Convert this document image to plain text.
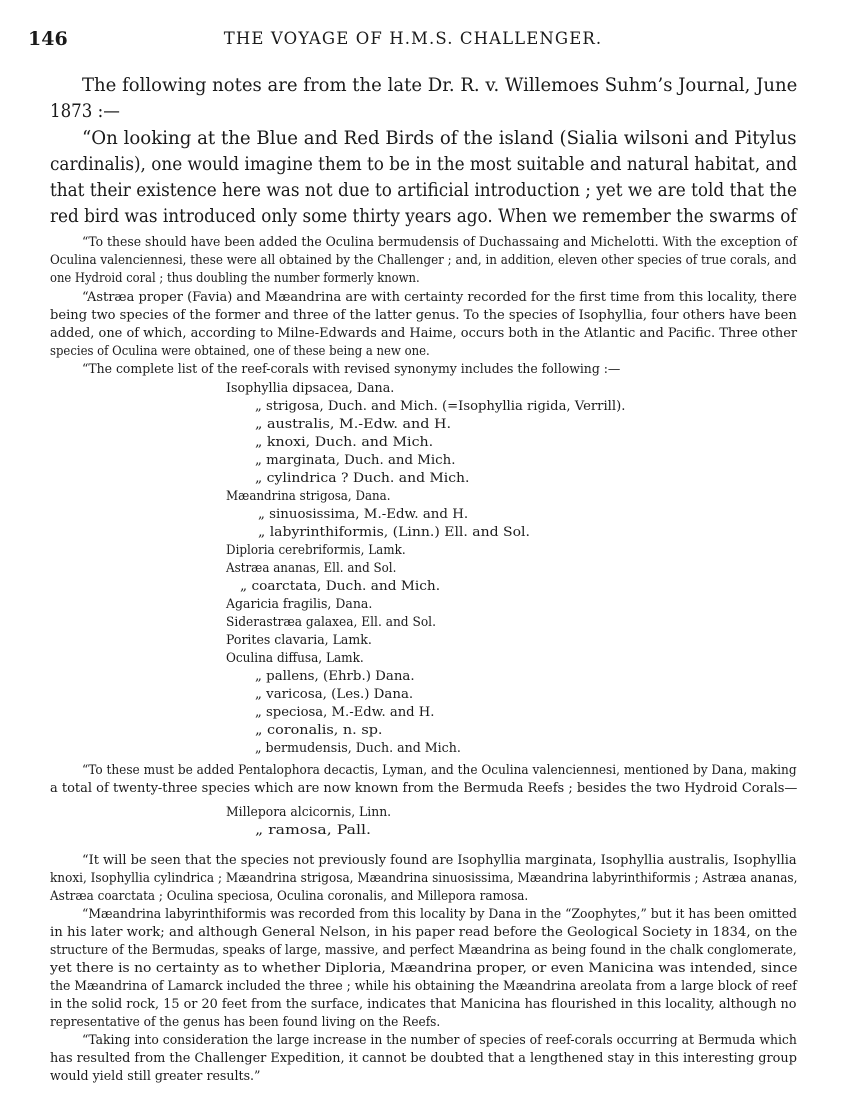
146	THE VOYAGE OF H.M.S. CHALLENGER.
The following notes are from the late Dr. R. v. Willemoes Suhm’s Journal, June
1873 :—
“On looking at the Blue and Red Birds of the island (Sialia wilsoni and Pitylus
cardinalis), one would imagine them to be in the most suitable and natural habitat, and
that their existence here was not due to artificial introduction ; yet we are told that the
red bird was introduced only some thirty years ago. When we remember the swarms of
“To these should have been added the Oculina bermudensis of Duchassaing and Michelotti. With the exception of
Oculina valenciennesi, these were all obtained by the Challenger ; and, in addition, eleven other species of true corals, and
one Hydroid coral ; thus doubling the number formerly known.
“Astræa proper (Favia) and Mæandrina are with certainty recorded for the first time from this locality, there
being two species of the former and three of the latter genus. To the species of Isophyllia, four others have been
added, one of which, according to Milne-Edwards and Haime, occurs both in the Atlantic and Pacific. Three other
species of Oculina were obtained, one of these being a new one.
“The complete list of the reef-corals with revised synonymy includes the following :—
Isophyllia dipsacea, Dana.
„ strigosa, Duch. and Mich. (=Isophyllia rigida, Verrill).
„ australis, M.-Edw. and H.
„ knoxi, Duch. and Mich.
„ marginata, Duch. and Mich.
„ cylindrica ? Duch. and Mich.
Mæandrina strigosa, Dana.
„ sinuosissima, M.-Edw. and H.
„ labyrinthiformis, (Linn.) Ell. and Sol.
Diploria cerebriformis, Lamk.
Astræa ananas, Ell. and Sol.
„ coarctata, Duch. and Mich.
Agaricia fragilis, Dana.
Siderastræa galaxea, Ell. and Sol.
Porites clavaria, Lamk.
Oculina diffusa, Lamk.
„ pallens, (Ehrb.) Dana.
„ varicosa, (Les.) Dana.
„ speciosa, M.-Edw. and H.
„ coronalis, n. sp.
„ bermudensis, Duch. and Mich.
“To these must be added Pentalophora decactis, Lyman, and the Oculina valenciennesi, mentioned by Dana, making
a total of twenty-three species which are now known from the Bermuda Reefs ; besides the two Hydroid Corals—
Millepora alcicornis, Linn.
„ ramosa, Pall.
“It will be seen that the species not previously found are Isophyllia marginata, Isophyllia australis, Isophyllia
knoxi, Isophyllia cylindrica ; Mæandrina strigosa, Mæandrina sinuosissima, Mæandrina labyrinthiformis ; Astræa ananas,
Astræa coarctata ; Oculina speciosa, Oculina coronalis, and Millepora ramosa.
“Mæandrina labyrinthiformis was recorded from this locality by Dana in the “Zoophytes,” but it has been omitted
in his later work; and although General Nelson, in his paper read before the Geological Society in 1834, on the
structure of the Bermudas, speaks of large, massive, and perfect Mæandrina as being found in the chalk conglomerate,
yet there is no certainty as to whether Diploria, Mæandrina proper, or even Manicina was intended, since
the Mæandrina of Lamarck included the three ; while his obtaining the Mæandrina areolata from a large block of reef
in the solid rock, 15 or 20 feet from the surface, indicates that Manicina has flourished in this locality, although no
representative of the genus has been found living on the Reefs.
“Taking into consideration the large increase in the number of species of reef-corals occurring at Bermuda which
has resulted from the Challenger Expedition, it cannot be doubted that a lengthened stay in this interesting group
would yield still greater results.”
